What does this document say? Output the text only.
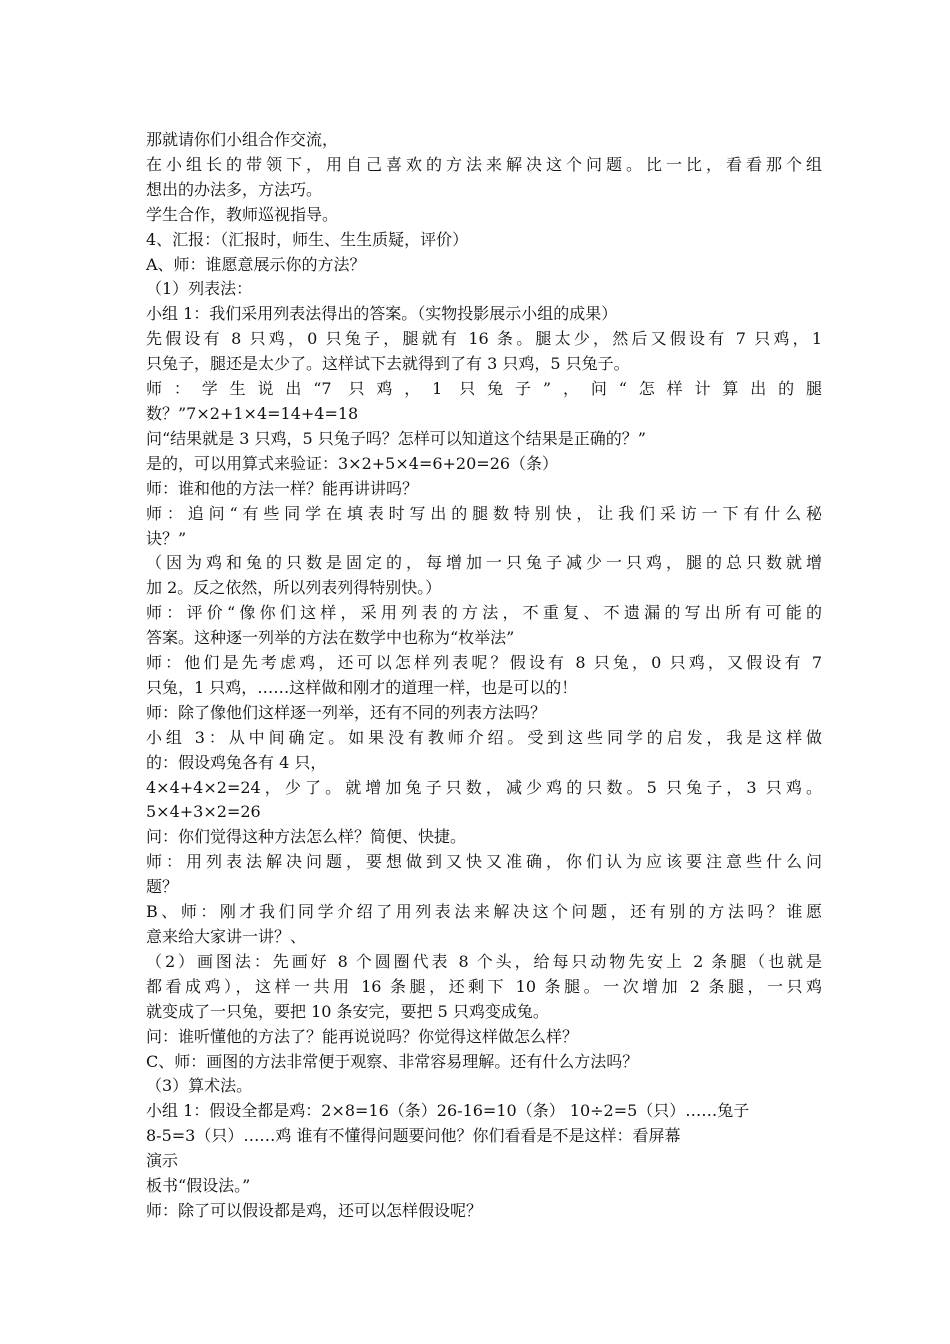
那就请你们小组合作交流，
在小组长的带领下，用自己喜欢的方法来解决这个问题。比一比，看看那个组
想出的办法多，方法巧。
学生合作，教师巡视指导。
4、汇报：（汇报时，师生、生生质疑，评价）
A、师：谁愿意展示你的方法？
（1）列表法：
小组 1：我们采用列表法得出的答案。（实物投影展示小组的成果）
先假设有 8 只鸡，0 只兔子，腿就有 16 条。腿太少，然后又假设有 7 只鸡，1
只兔子，腿还是太少了。这样试下去就得到了有 3 只鸡，5 只兔子。
师：学生说出“7 只鸡，1 只兔子”，问“怎样计算出的腿
数？”7×2+1×4=14+4=18
问“结果就是 3 只鸡，5 只兔子吗？怎样可以知道这个结果是正确的？”
是的，可以用算式来验证：3×2+5×4=6+20=26（条）
师：谁和他的方法一样？能再讲讲吗？
师：追问“有些同学在填表时写出的腿数特别快，让我们采访一下有什么秘
诀？”
（因为鸡和兔的只数是固定的，每增加一只兔子减少一只鸡，腿的总只数就增
加 2。反之依然，所以列表列得特别快。）
师：评价“像你们这样，采用列表的方法，不重复、不遗漏的写出所有可能的
答案。这种逐一列举的方法在数学中也称为“枚举法”
师：他们是先考虑鸡，还可以怎样列表呢？假设有 8 只兔，0 只鸡，又假设有 7
只兔，1 只鸡，……这样做和刚才的道理一样，也是可以的！
师：除了像他们这样逐一列举，还有不同的列表方法吗？
小组 3：从中间确定。如果没有教师介绍。受到这些同学的启发，我是这样做
的：假设鸡兔各有 4 只，
4×4+4×2=24，少了。就增加兔子只数，减少鸡的只数。5 只兔子，3 只鸡。
5×4+3×2=26
问：你们觉得这种方法怎么样？简便、快捷。
师：用列表法解决问题，要想做到又快又准确，你们认为应该要注意些什么问
题？
B、师：刚才我们同学介绍了用列表法来解决这个问题，还有别的方法吗？谁愿
意来给大家讲一讲？、
（2）画图法：先画好 8 个圆圈代表 8 个头，给每只动物先安上 2 条腿（也就是
都看成鸡），这样一共用 16 条腿，还剩下 10 条腿。一次增加 2 条腿，一只鸡
就变成了一只兔，要把 10 条安完，要把 5 只鸡变成兔。
问：谁听懂他的方法了？能再说说吗？你觉得这样做怎么样？
C、师：画图的方法非常便于观察、非常容易理解。还有什么方法吗？
（3）算术法。
小组 1：假设全都是鸡：2×8=16（条）26-16=10（条） 10÷2=5（只）……兔子
8-5=3（只）……鸡 谁有不懂得问题要问他？你们看看是不是这样：看屏幕
演示
板书“假设法。”
师：除了可以假设都是鸡，还可以怎样假设呢？
